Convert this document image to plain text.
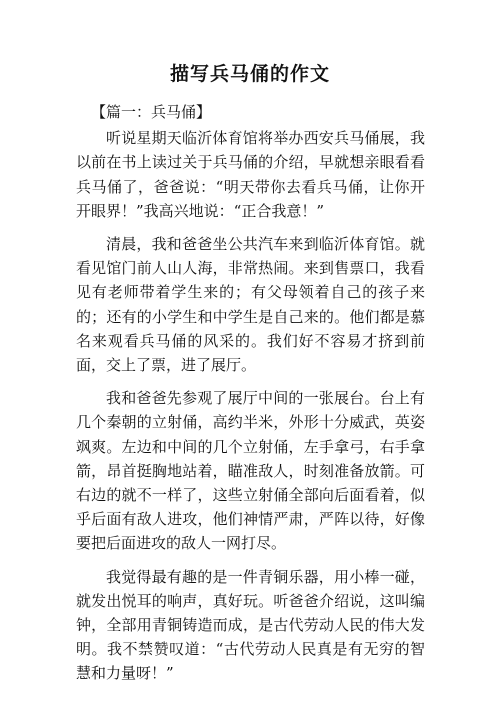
描写兵马俑的作文

【篇一：兵马俑】

听说星期天临沂体育馆将举办西安兵马俑展，我以前在书上读过关于兵马俑的介绍，早就想亲眼看看兵马俑了，爸爸说：“明天带你去看兵马俑，让你开开眼界！”我高兴地说：“正合我意！”

清晨，我和爸爸坐公共汽车来到临沂体育馆。就看见馆门前人山人海，非常热闹。来到售票口，我看见有老师带着学生来的；有父母领着自己的孩子来的；还有的小学生和中学生是自己来的。他们都是慕名来观看兵马俑的风采的。我们好不容易才挤到前面，交上了票，进了展厅。

我和爸爸先参观了展厅中间的一张展台。台上有几个秦朝的立射俑，高约半米，外形十分威武，英姿飒爽。左边和中间的几个立射俑，左手拿弓，右手拿箭，昂首挺胸地站着，瞄准敌人，时刻准备放箭。可右边的就不一样了，这些立射俑全部向后面看着，似乎后面有敌人进攻，他们神情严肃，严阵以待，好像要把后面进攻的敌人一网打尽。

我觉得最有趣的是一件青铜乐器，用小棒一碰，就发出悦耳的响声，真好玩。听爸爸介绍说，这叫编钟，全部用青铜铸造而成，是古代劳动人民的伟大发明。我不禁赞叹道：“古代劳动人民真是有无穷的智慧和力量呀！”
